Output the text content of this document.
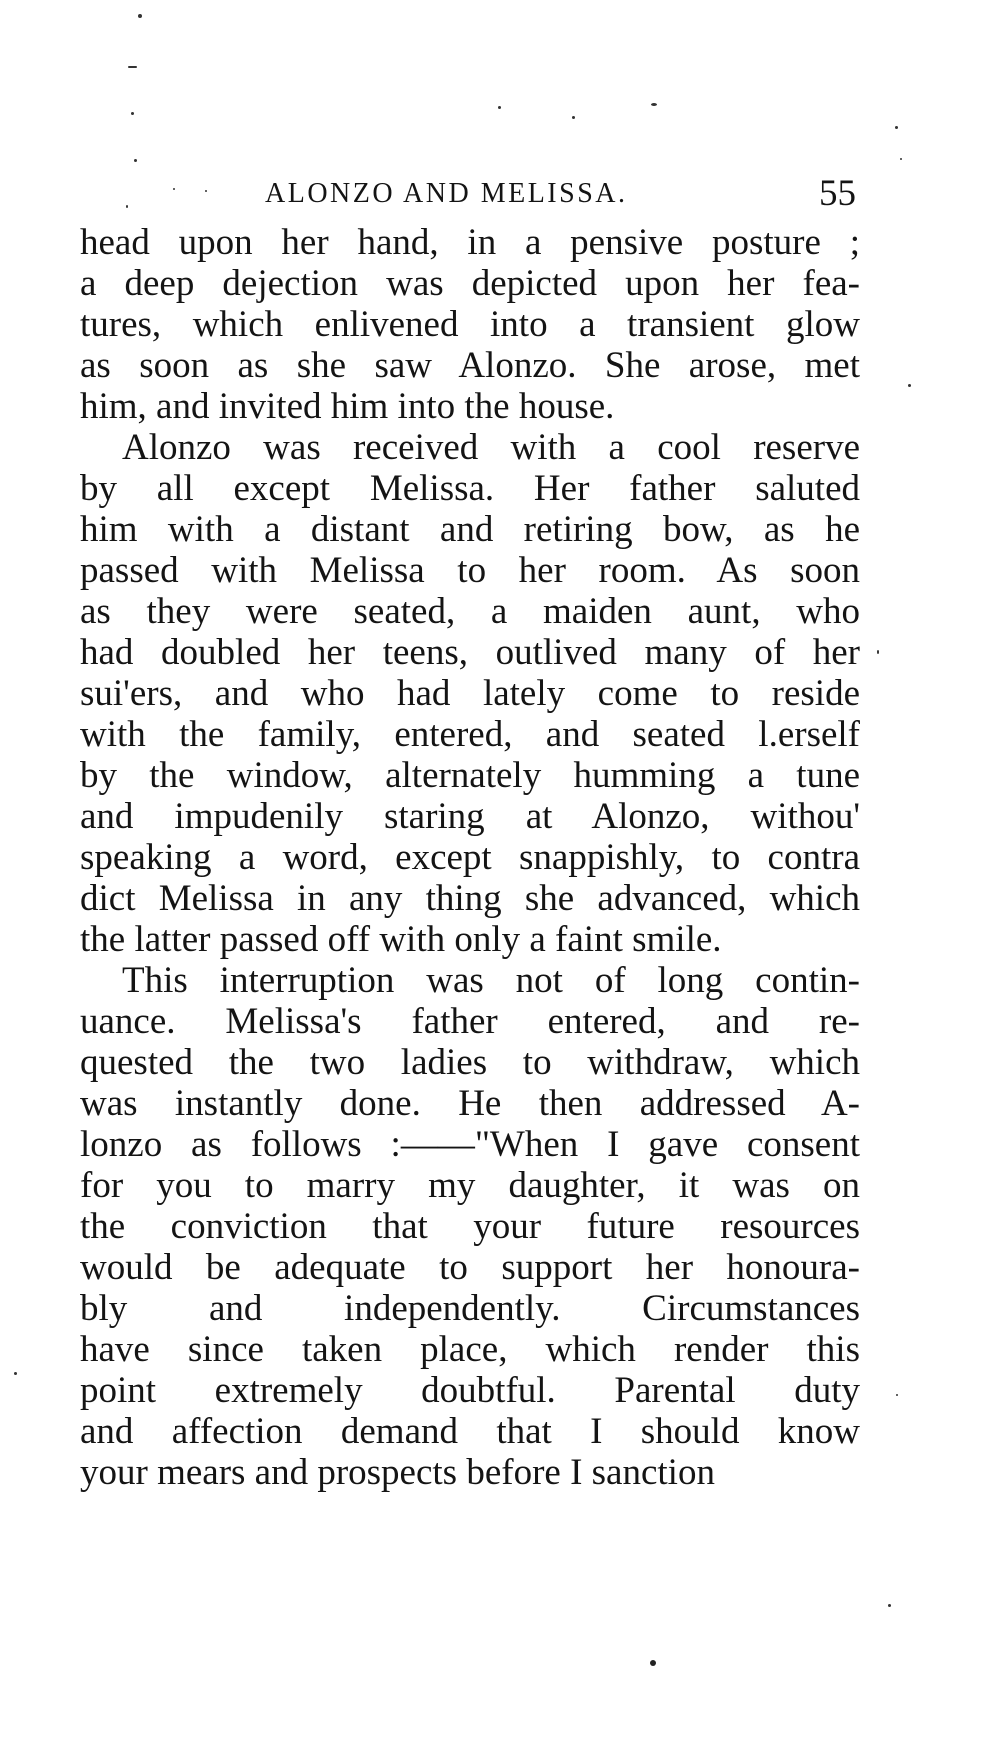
ALONZO AND MELISSA.	55
head upon her hand, in a pensive posture ;
a deep dejection was depicted upon her fea-
tures, which enlivened into a transient glow
as soon as she saw Alonzo. She arose, met
him, and invited him into the house.
Alonzo was received with a cool reserve
by all except Melissa. Her father saluted
him with a distant and retiring bow, as he
passed with Melissa to her room. As soon
as they were seated, a maiden aunt, who
had doubled her teens, outlived many of her
sui'ers, and who had lately come to reside
with the family, entered, and seated l.erself
by the window, alternately humming a tune
and impudenily staring at Alonzo, withou'
speaking a word, except snappishly, to contra
dict Melissa in any thing she advanced, which
the latter passed off with only a faint smile.
This interruption was not of long contin-
uance. Melissa's father entered, and re-
quested the two ladies to withdraw, which
was instantly done. He then addressed A-
lonzo as follows :——"When I gave consent
for you to marry my daughter, it was on
the conviction that your future resources
would be adequate to support her honoura-
bly and independently. Circumstances
have since taken place, which render this
point extremely doubtful. Parental duty
and affection demand that I should know
your mears and prospects before I sanction
